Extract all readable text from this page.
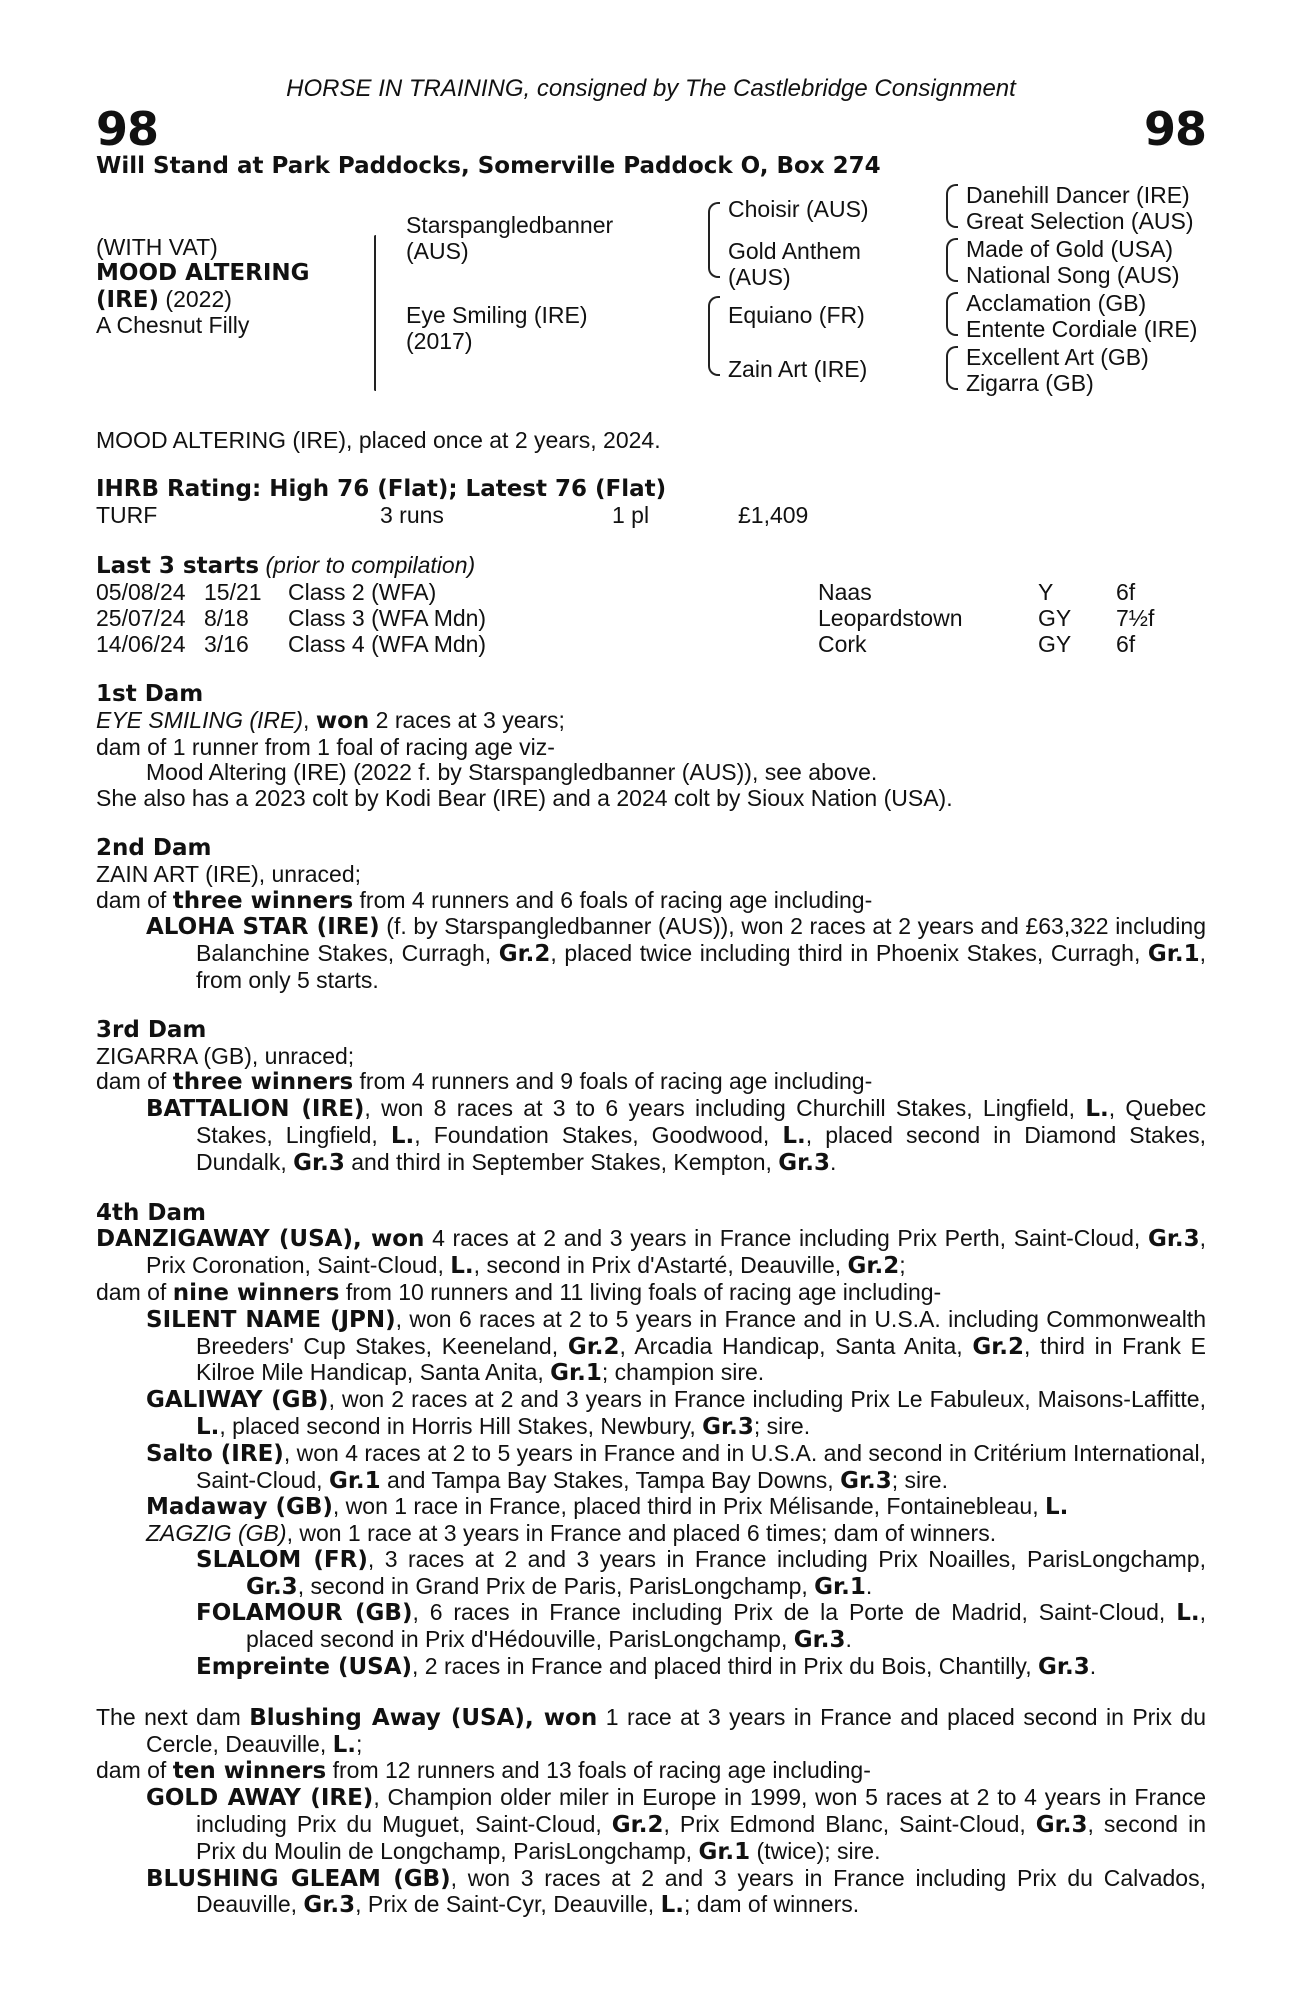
HORSE IN TRAINING, consigned by The Castlebridge Consignment
98	98
Will Stand at Park Paddocks, Somerville Paddock O, Box 274
(WITH VAT)
MOOD ALTERING
(IRE) (2022)
A Chesnut Filly
Starspangledbanner
(AUS)
Eye Smiling (IRE)
(2017)
Choisir (AUS)
Gold Anthem
(AUS)
Equiano (FR)
Zain Art (IRE)
Danehill Dancer (IRE)
Great Selection (AUS)
Made of Gold (USA)
National Song (AUS)
Acclamation (GB)
Entente Cordiale (IRE)
Excellent Art (GB)
Zigarra (GB)

MOOD ALTERING (IRE), placed once at 2 years, 2024.

IHRB Rating: High 76 (Flat); Latest 76 (Flat)

TURF	3 runs	1 pl	£1,409

Last 3 starts (prior to compilation)

05/08/24 15/21 Class 2 (WFA)	Naas	Y	6f
25/07/24 8/18 Class 3 (WFA Mdn)	Leopardstown	GY 7½f
14/06/24 3/16 Class 4 (WFA Mdn)	Cork	GY 6f

1st Dam

EYE SMILING (IRE), won 2 races at 3 years;

dam of 1 runner from 1 foal of racing age viz-

Mood Altering (IRE) (2022 f. by Starspangledbanner (AUS)), see above.

She also has a 2023 colt by Kodi Bear (IRE) and a 2024 colt by Sioux Nation (USA).

2nd Dam

ZAIN ART (IRE), unraced;

dam of three winners from 4 runners and 6 foals of racing age including-

ALOHA STAR (IRE) (f. by Starspangledbanner (AUS)), won 2 races at 2 years and £63,322 including Balanchine Stakes, Curragh, Gr.2, placed twice including third in Phoenix Stakes, Curragh, Gr.1, from only 5 starts.

3rd Dam

ZIGARRA (GB), unraced;

dam of three winners from 4 runners and 9 foals of racing age including-

BATTALION (IRE), won 8 races at 3 to 6 years including Churchill Stakes, Lingfield, L., Quebec Stakes, Lingfield, L., Foundation Stakes, Goodwood, L., placed second in Diamond Stakes, Dundalk, Gr.3 and third in September Stakes, Kempton, Gr.3.

4th Dam

DANZIGAWAY (USA), won 4 races at 2 and 3 years in France including Prix Perth, Saint-Cloud, Gr.3, Prix Coronation, Saint-Cloud, L., second in Prix d'Astarté, Deauville, Gr.2;

dam of nine winners from 10 runners and 11 living foals of racing age including-

SILENT NAME (JPN), won 6 races at 2 to 5 years in France and in U.S.A. including Commonwealth Breeders' Cup Stakes, Keeneland, Gr.2, Arcadia Handicap, Santa Anita, Gr.2, third in Frank E Kilroe Mile Handicap, Santa Anita, Gr.1; champion sire.

GALIWAY (GB), won 2 races at 2 and 3 years in France including Prix Le Fabuleux, Maisons-Laffitte, L., placed second in Horris Hill Stakes, Newbury, Gr.3; sire.

Salto (IRE), won 4 races at 2 to 5 years in France and in U.S.A. and second in Critérium International, Saint-Cloud, Gr.1 and Tampa Bay Stakes, Tampa Bay Downs, Gr.3; sire.

Madaway (GB), won 1 race in France, placed third in Prix Mélisande, Fontainebleau, L.

ZAGZIG (GB), won 1 race at 3 years in France and placed 6 times; dam of winners.

SLALOM (FR), 3 races at 2 and 3 years in France including Prix Noailles, ParisLongchamp, Gr.3, second in Grand Prix de Paris, ParisLongchamp, Gr.1.

FOLAMOUR (GB), 6 races in France including Prix de la Porte de Madrid, Saint-Cloud, L., placed second in Prix d'Hédouville, ParisLongchamp, Gr.3.

Empreinte (USA), 2 races in France and placed third in Prix du Bois, Chantilly, Gr.3.

The next dam Blushing Away (USA), won 1 race at 3 years in France and placed second in Prix du Cercle, Deauville, L.;

dam of ten winners from 12 runners and 13 foals of racing age including-

GOLD AWAY (IRE), Champion older miler in Europe in 1999, won 5 races at 2 to 4 years in France including Prix du Muguet, Saint-Cloud, Gr.2, Prix Edmond Blanc, Saint-Cloud, Gr.3, second in Prix du Moulin de Longchamp, ParisLongchamp, Gr.1 (twice); sire.

BLUSHING GLEAM (GB), won 3 races at 2 and 3 years in France including Prix du Calvados, Deauville, Gr.3, Prix de Saint-Cyr, Deauville, L.; dam of winners.
